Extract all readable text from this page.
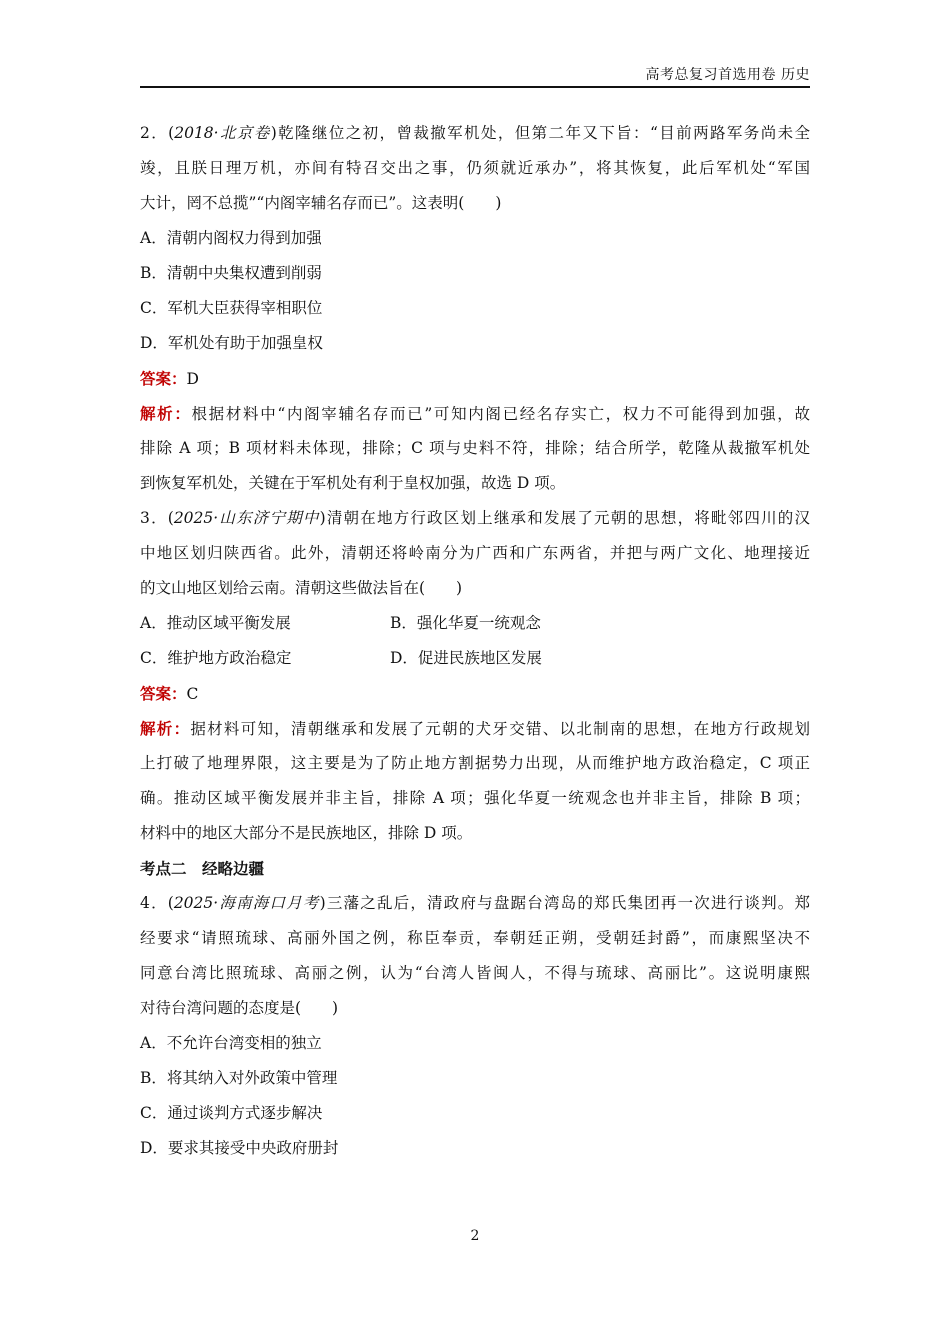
高考总复习首选用卷 历史
2．(2018·北京卷)乾隆继位之初，曾裁撤军机处，但第二年又下旨：“目前两路军务尚未全
竣，且朕日理万机，亦间有特召交出之事，仍须就近承办”，将其恢复，此后军机处“军国
大计，罔不总揽”“内阁宰辅名存而已”。这表明(　　)
A．清朝内阁权力得到加强
B．清朝中央集权遭到削弱
C．军机大臣获得宰相职位
D．军机处有助于加强皇权
答案：D
解析：根据材料中“内阁宰辅名存而已”可知内阁已经名存实亡，权力不可能得到加强，故
排除 A 项；B 项材料未体现，排除；C 项与史料不符，排除；结合所学，乾隆从裁撤军机处
到恢复军机处，关键在于军机处有利于皇权加强，故选 D 项。
3．(2025·山东济宁期中)清朝在地方行政区划上继承和发展了元朝的思想，将毗邻四川的汉
中地区划归陕西省。此外，清朝还将岭南分为广西和广东两省，并把与两广文化、地理接近
的文山地区划给云南。清朝这些做法旨在(　　)
A．推动区域平衡发展	B．强化华夏一统观念
C．维护地方政治稳定	D．促进民族地区发展
答案：C
解析：据材料可知，清朝继承和发展了元朝的犬牙交错、以北制南的思想，在地方行政规划
上打破了地理界限，这主要是为了防止地方割据势力出现，从而维护地方政治稳定，C 项正
确。推动区域平衡发展并非主旨，排除 A 项；强化华夏一统观念也并非主旨，排除 B 项；
材料中的地区大部分不是民族地区，排除 D 项。
考点二　经略边疆
4．(2025·海南海口月考)三藩之乱后，清政府与盘踞台湾岛的郑氏集团再一次进行谈判。郑
经要求“请照琉球、高丽外国之例，称臣奉贡，奉朝廷正朔，受朝廷封爵”，而康熙坚决不
同意台湾比照琉球、高丽之例，认为“台湾人皆闽人，不得与琉球、高丽比”。这说明康熙
对待台湾问题的态度是(　　)
A．不允许台湾变相的独立
B．将其纳入对外政策中管理
C．通过谈判方式逐步解决
D．要求其接受中央政府册封
2
